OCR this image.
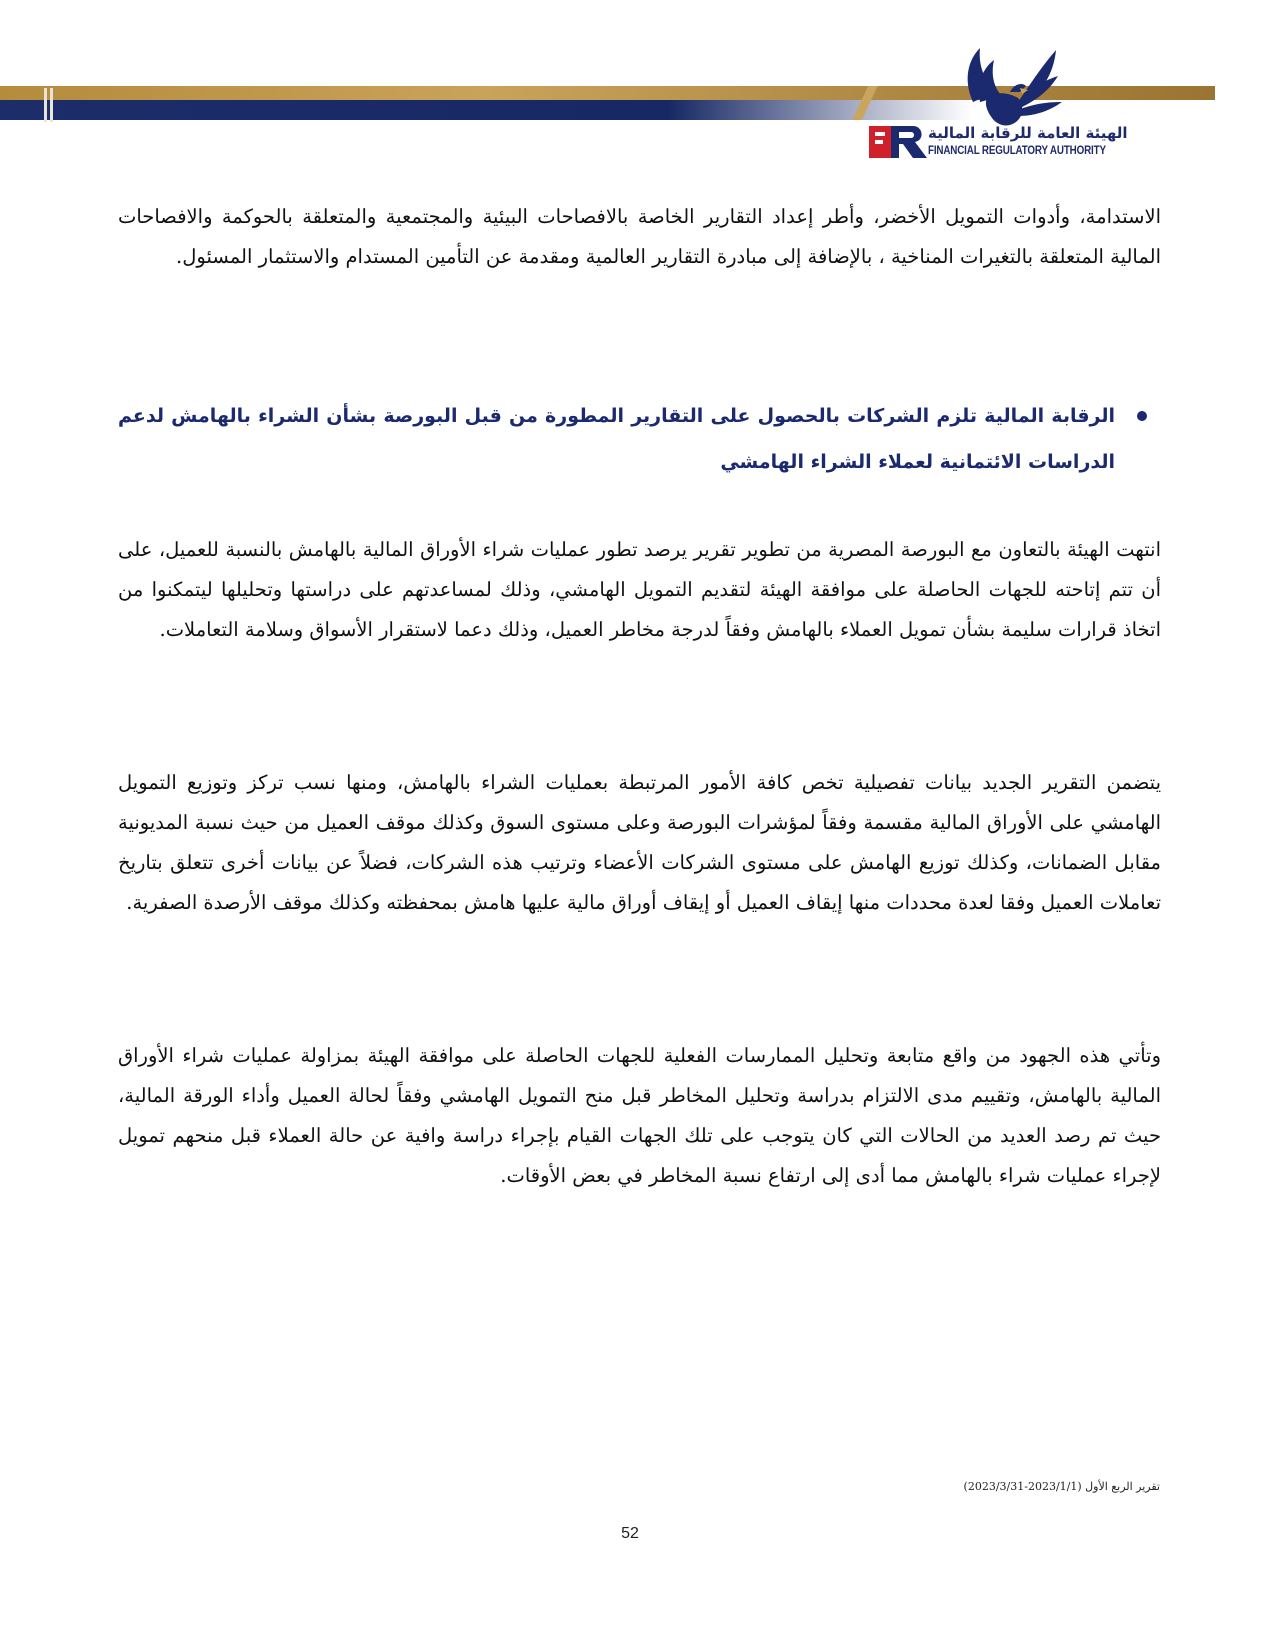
الهيئة العامة للرقابة المالية
FINANCIAL REGULATORY AUTHORITY

الاستدامة، وأدوات التمويل الأخضر، وأطر إعداد التقارير الخاصة بالافصاحات البيئية والمجتمعية والمتعلقة بالحوكمة والافصاحات المالية المتعلقة بالتغيرات المناخية ، بالإضافة إلى مبادرة التقارير العالمية ومقدمة عن التأمين المستدام والاستثمار المسئول.

الرقابة المالية تلزم الشركات بالحصول على التقارير المطورة من قبل البورصة بشأن الشراء بالهامش لدعم الدراسات الائتمانية لعملاء الشراء الهامشي

انتهت الهيئة بالتعاون مع البورصة المصرية من تطوير تقرير يرصد تطور عمليات شراء الأوراق المالية بالهامش بالنسبة للعميل، على أن تتم إتاحته للجهات الحاصلة على موافقة الهيئة لتقديم التمويل الهامشي، وذلك لمساعدتهم على دراستها وتحليلها ليتمكنوا من اتخاذ قرارات سليمة بشأن تمويل العملاء بالهامش وفقاً لدرجة مخاطر العميل، وذلك دعما لاستقرار الأسواق وسلامة التعاملات.

يتضمن التقرير الجديد بيانات تفصيلية تخص كافة الأمور المرتبطة بعمليات الشراء بالهامش، ومنها نسب تركز وتوزيع التمويل الهامشي على الأوراق المالية مقسمة وفقاً لمؤشرات البورصة وعلى مستوى السوق وكذلك موقف العميل من حيث نسبة المديونية مقابل الضمانات، وكذلك توزيع الهامش على مستوى الشركات الأعضاء وترتيب هذه الشركات، فضلاً عن بيانات أخرى تتعلق بتاريخ تعاملات العميل وفقا لعدة محددات منها إيقاف العميل أو إيقاف أوراق مالية عليها هامش بمحفظته وكذلك موقف الأرصدة الصفرية.

وتأتي هذه الجهود من واقع متابعة وتحليل الممارسات الفعلية للجهات الحاصلة على موافقة الهيئة بمزاولة عمليات شراء الأوراق المالية بالهامش، وتقييم مدى الالتزام بدراسة وتحليل المخاطر قبل منح التمويل الهامشي وفقاً لحالة العميل وأداء الورقة المالية، حيث تم رصد العديد من الحالات التي كان يتوجب على تلك الجهات القيام بإجراء دراسة وافية عن حالة العملاء قبل منحهم تمويل لإجراء عمليات شراء بالهامش مما أدى إلى ارتفاع نسبة المخاطر في بعض الأوقات.

تقرير الربع الأول (2023/1/1-2023/3/31)
52
